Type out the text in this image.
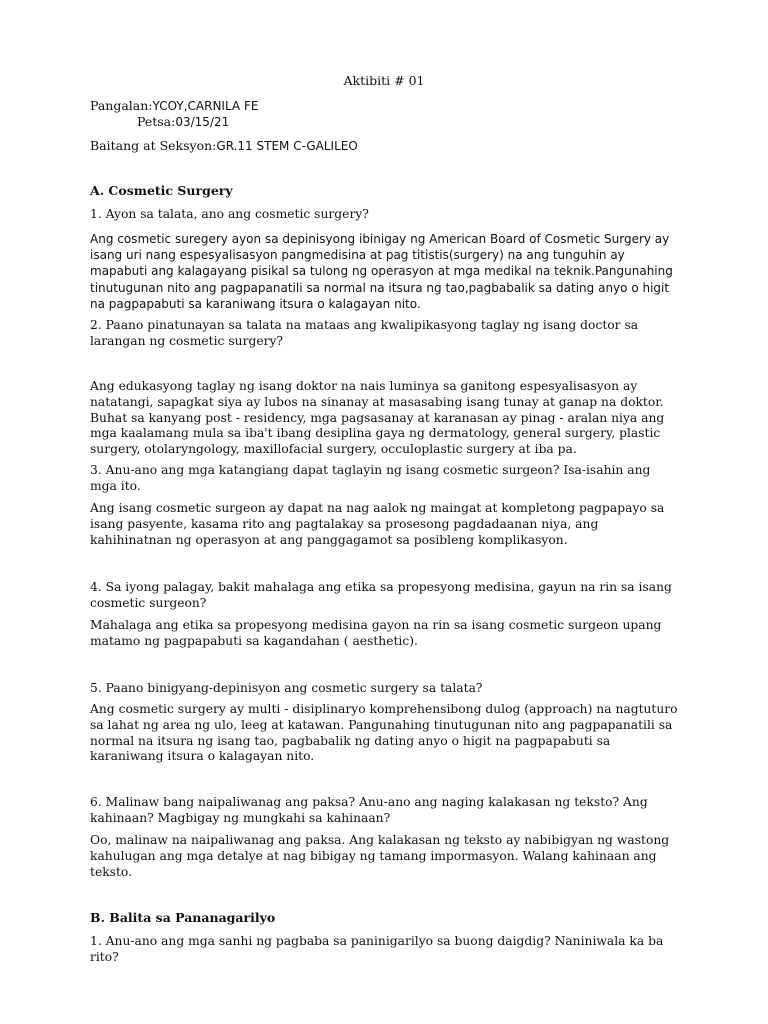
Aktibiti # 01
Pangalan:YCOY,CARNILA FE
Petsa:03/15/21
Baitang at Seksyon:GR.11 STEM C-GALILEO
A. Cosmetic Surgery

1. Ayon sa talata, ano ang cosmetic surgery?

Ang cosmetic suregery ayon sa depinisyong ibinigay ng American Board of Cosmetic Surgery ay isang uri nang espesyalisasyon pangmedisina at pag titistis(surgery) na ang tunguhin ay mapabuti ang kalagayang pisikal sa tulong ng operasyon at mga medikal na teknik.Pangunahing tinutugunan nito ang pagpapanatili sa normal na itsura ng tao,pagbabalik sa dating anyo o higit na pagpapabuti sa karaniwang itsura o kalagayan nito.

2. Paano pinatunayan sa talata na mataas ang kwalipikasyong taglay ng isang doctor sa larangan ng cosmetic surgery?

Ang edukasyong taglay ng isang doktor na nais luminya sa ganitong espesyalisasyon ay natatangi, sapagkat siya ay lubos na sinanay at masasabing isang tunay at ganap na doktor. Buhat sa kanyang post - residency, mga pagsasanay at karanasan ay pinag - aralan niya ang mga kaalamang mula sa iba't ibang desiplina gaya ng dermatology, general surgery, plastic surgery, otolaryngology, maxillofacial surgery, occuloplastic surgery at iba pa.

3. Anu-ano ang mga katangiang dapat taglayin ng isang cosmetic surgeon? Isa-isahin ang mga ito.

Ang isang cosmetic surgeon ay dapat na nag aalok ng maingat at kompletong pagpapayo sa isang pasyente, kasama rito ang pagtalakay sa prosesong pagdadaanan niya, ang kahihinatnan ng operasyon at ang panggagamot sa posibleng komplikasyon.

4. Sa iyong palagay, bakit mahalaga ang etika sa propesyong medisina, gayun na rin sa isang cosmetic surgeon?

Mahalaga ang etika sa propesyong medisina gayon na rin sa isang cosmetic surgeon upang matamo ng pagpapabuti sa kagandahan ( aesthetic).

5. Paano binigyang-depinisyon ang cosmetic surgery sa talata?

Ang cosmetic surgery ay multi - disiplinaryo komprehensibong dulog (approach) na nagtuturo sa lahat ng area ng ulo, leeg at katawan. Pangunahing tinutugunan nito ang pagpapanatili sa normal na itsura ng isang tao, pagbabalik ng dating anyo o higit na pagpapabuti sa karaniwang itsura o kalagayan nito.

6. Malinaw bang naipaliwanag ang paksa? Anu-ano ang naging kalakasan ng teksto? Ang kahinaan? Magbigay ng mungkahi sa kahinaan?

Oo, malinaw na naipaliwanag ang paksa. Ang kalakasan ng teksto ay nabibigyan ng wastong kahulugan ang mga detalye at nag bibigay ng tamang impormasyon. Walang kahinaan ang teksto.

B. Balita sa Pananagarilyo

1. Anu-ano ang mga sanhi ng pagbaba sa paninigarilyo sa buong daigdig? Naniniwala ka ba rito?
